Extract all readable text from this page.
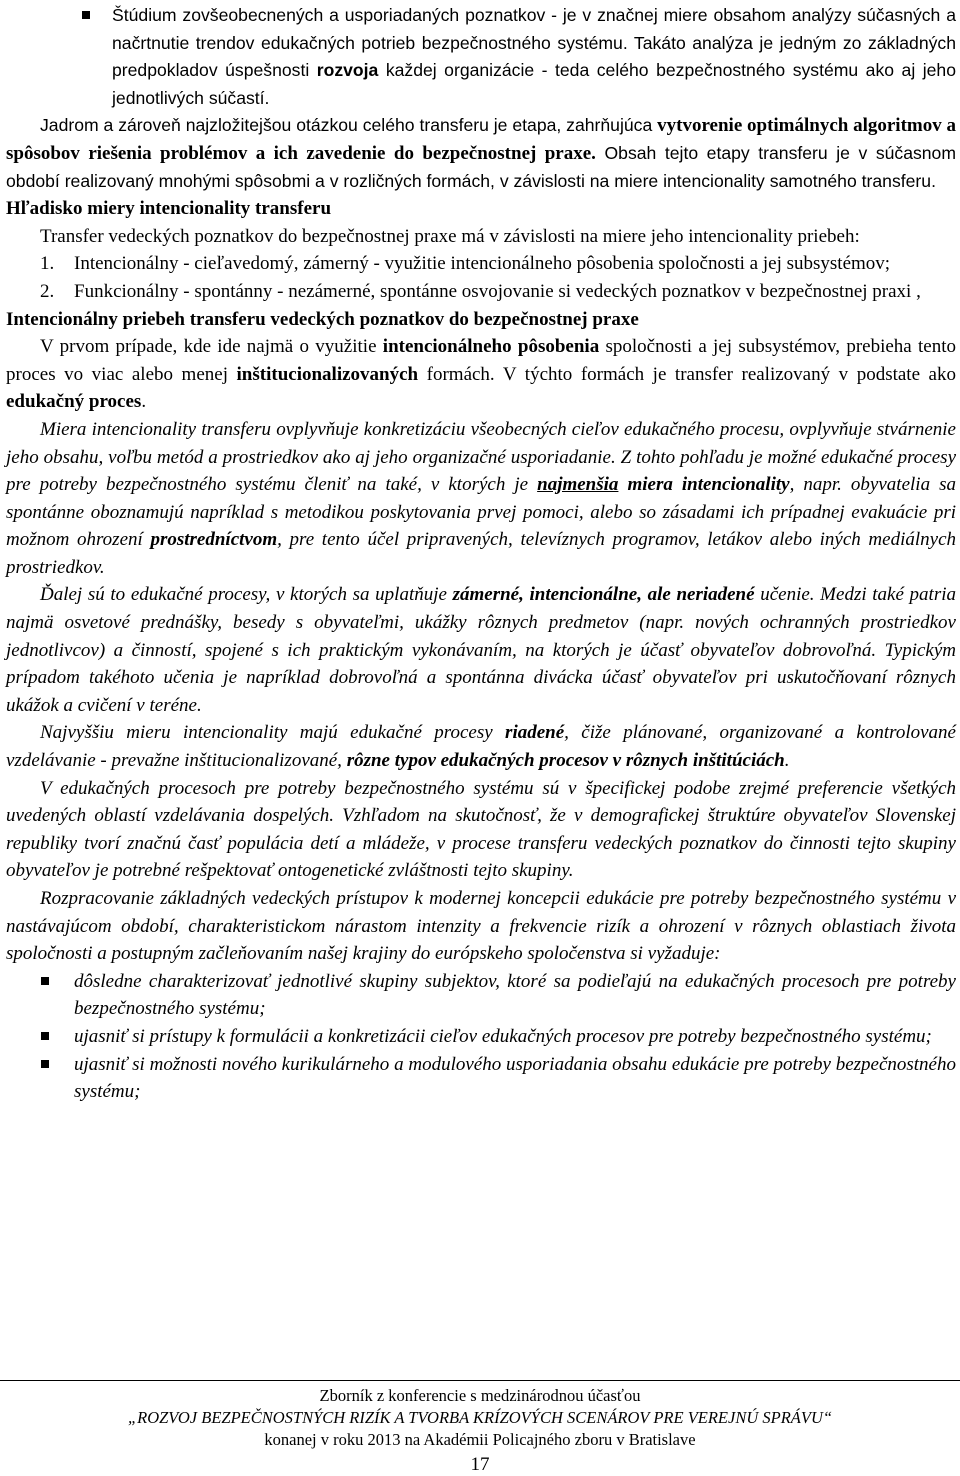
Štúdium zovšeobecnených a usporiadaných poznatkov - je v značnej miere obsahom analýzy súčasných a načrtnutie trendov edukačných potrieb bezpečnostného systému. Takáto analýza je jedným zo základných predpokladov úspešnosti rozvoja každej organizácie - teda celého bezpečnostného systému ako aj jeho jednotlivých súčastí.

Jadrom a zároveň najzložitejšou otázkou celého transferu je etapa, zahrňujúca vytvorenie optimálnych algoritmov a spôsobov riešenia problémov a ich zavedenie do bezpečnostnej praxe. Obsah tejto etapy transferu je v súčasnom období realizovaný mnohými spôsobmi a v rozličných formách, v závislosti na miere intencionality samotného transferu.

Hľadisko miery intencionality transferu

Transfer vedeckých poznatkov do bezpečnostnej praxe má v závislosti na miere jeho intencionality priebeh:

1. Intencionálny - cieľavedomý, zámerný - využitie intencionálneho pôsobenia spoločnosti a jej subsystémov;

2. Funkcionálny - spontánny - nezámerné, spontánne osvojovanie si vedeckých poznatkov v bezpečnostnej praxi ,

Intencionálny priebeh transferu vedeckých poznatkov do bezpečnostnej praxe

V prvom prípade, kde ide najmä o využitie intencionálneho pôsobenia spoločnosti a jej subsystémov, prebieha tento proces vo viac alebo menej inštitucionalizovaných formách. V týchto formách je transfer realizovaný v podstate ako edukačný proces.

Miera intencionality transferu ovplyvňuje konkretizáciu všeobecných cieľov edukačného procesu, ovplyvňuje stvárnenie jeho obsahu, voľbu metód a prostriedkov ako aj jeho organizačné usporiadanie. Z tohto pohľadu je možné edukačné procesy pre potreby bezpečnostného systému členiť na také, v ktorých je najmenšia miera intencionality, napr. obyvatelia sa spontánne oboznamujú napríklad s metodikou poskytovania prvej pomoci, alebo so zásadami ich prípadnej evakuácie pri možnom ohrození prostredníctvom, pre tento účel pripravených, televíznych programov, letákov alebo iných mediálnych prostriedkov.

Ďalej sú to edukačné procesy, v ktorých sa uplatňuje zámerné, intencionálne, ale neriadené učenie. Medzi také patria najmä osvetové prednášky, besedy s obyvateľmi, ukážky rôznych predmetov (napr. nových ochranných prostriedkov jednotlivcov) a činností, spojené s ich praktickým vykonávaním, na ktorých je účasť obyvateľov dobrovoľná. Typickým prípadom takéhoto učenia je napríklad dobrovoľná a spontánna divácka účasť obyvateľov pri uskutočňovaní rôznych ukážok a cvičení v teréne.

Najvyššiu mieru intencionality majú edukačné procesy riadené, čiže plánované, organizované a kontrolované vzdelávanie - prevažne inštitucionalizované, rôzne typov edukačných procesov v rôznych inštitúciách.

V edukačných procesoch pre potreby bezpečnostného systému sú v špecifickej podobe zrejmé preferencie všetkých uvedených oblastí vzdelávania dospelých. Vzhľadom na skutočnosť, že v demografickej štruktúre obyvateľov Slovenskej republiky tvorí značnú časť populácia detí a mládeže, v procese transferu vedeckých poznatkov do činnosti tejto skupiny obyvateľov je potrebné rešpektovať ontogenetické zvláštnosti tejto skupiny.

Rozpracovanie základných vedeckých prístupov k modernej koncepcii edukácie pre potreby bezpečnostného systému v nastávajúcom období, charakteristickom nárastom intenzity a frekvencie rizík a ohrození v rôznych oblastiach života spoločnosti a postupným začleňovaním našej krajiny do európskeho spoločenstva si vyžaduje:

dôsledne charakterizovať jednotlivé skupiny subjektov, ktoré sa podieľajú na edukačných procesoch pre potreby bezpečnostného systému;

ujasniť si prístupy k formulácii a konkretizácii cieľov edukačných procesov pre potreby bezpečnostného systému;

ujasniť si možnosti nového kurikulárneho a modulového usporiadania obsahu edukácie pre potreby bezpečnostného systému;

Zborník z konferencie s medzinárodnou účasťou
„ROZVOJ BEZPEČNOSTNÝCH RIZÍK A TVORBA KRÍZOVÝCH SCENÁROV PRE VEREJNÚ SPRÁVU“
konanej v roku 2013 na Akadémii Policajného zboru v Bratislave
17
